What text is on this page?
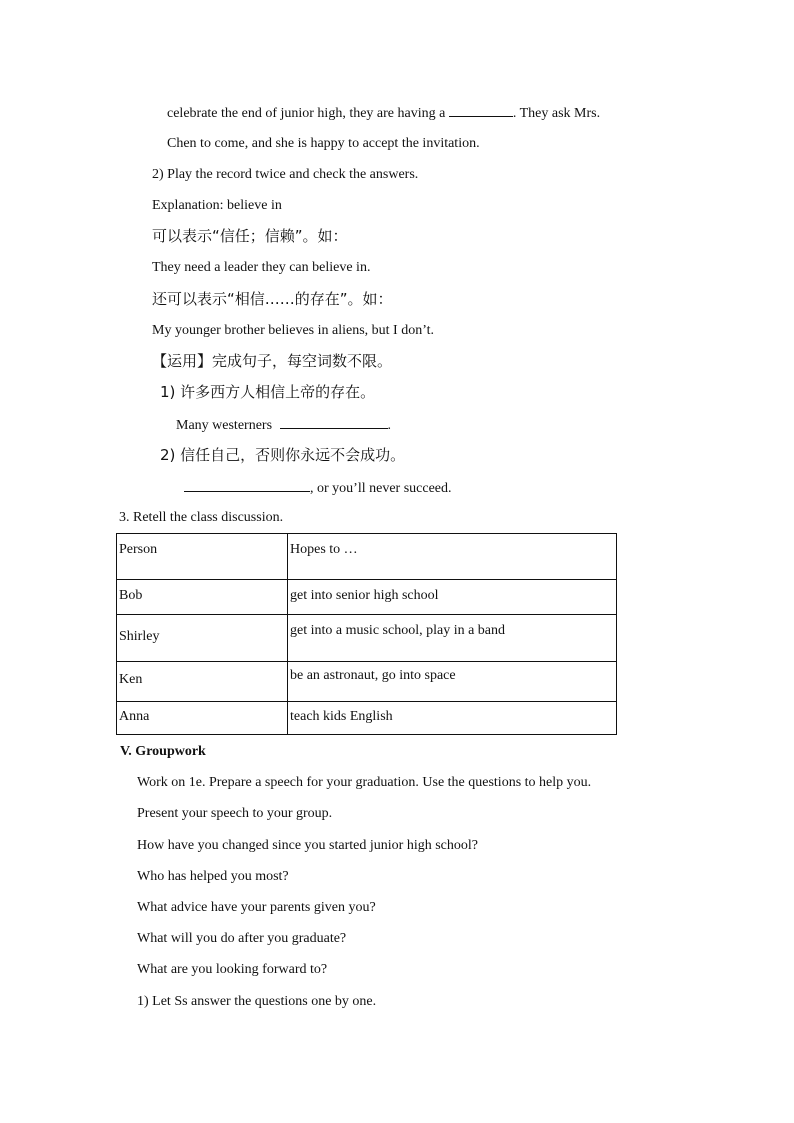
celebrate the end of junior high, they are having a	. They ask Mrs.
Chen to come, and she is happy to accept the invitation.
2) Play the record twice and check the answers.
Explanation: believe in
可以表示“信任；信赖”。如：
They need a leader they can believe in.
还可以表示“相信……的存在”。如：
My younger brother believes in aliens, but I don’t.
【运用】完成句子，每空词数不限。
1) 许多西方人相信上帝的存在。
Many westerners	.
2) 信任自己，否则你永远不会成功。
, or you’ll never succeed.
3. Retell the class discussion.
Person	Hopes to …
Bob	get into senior high school
Shirley	get into a music school, play in a band
Ken	be an astronaut, go into space
Anna	teach kids English
V. Groupwork
Work on 1e. Prepare a speech for your graduation. Use the questions to help you.
Present your speech to your group.
How have you changed since you started junior high school?
Who has helped you most?
What advice have your parents given you?
What will you do after you graduate?
What are you looking forward to?
1) Let Ss answer the questions one by one.
